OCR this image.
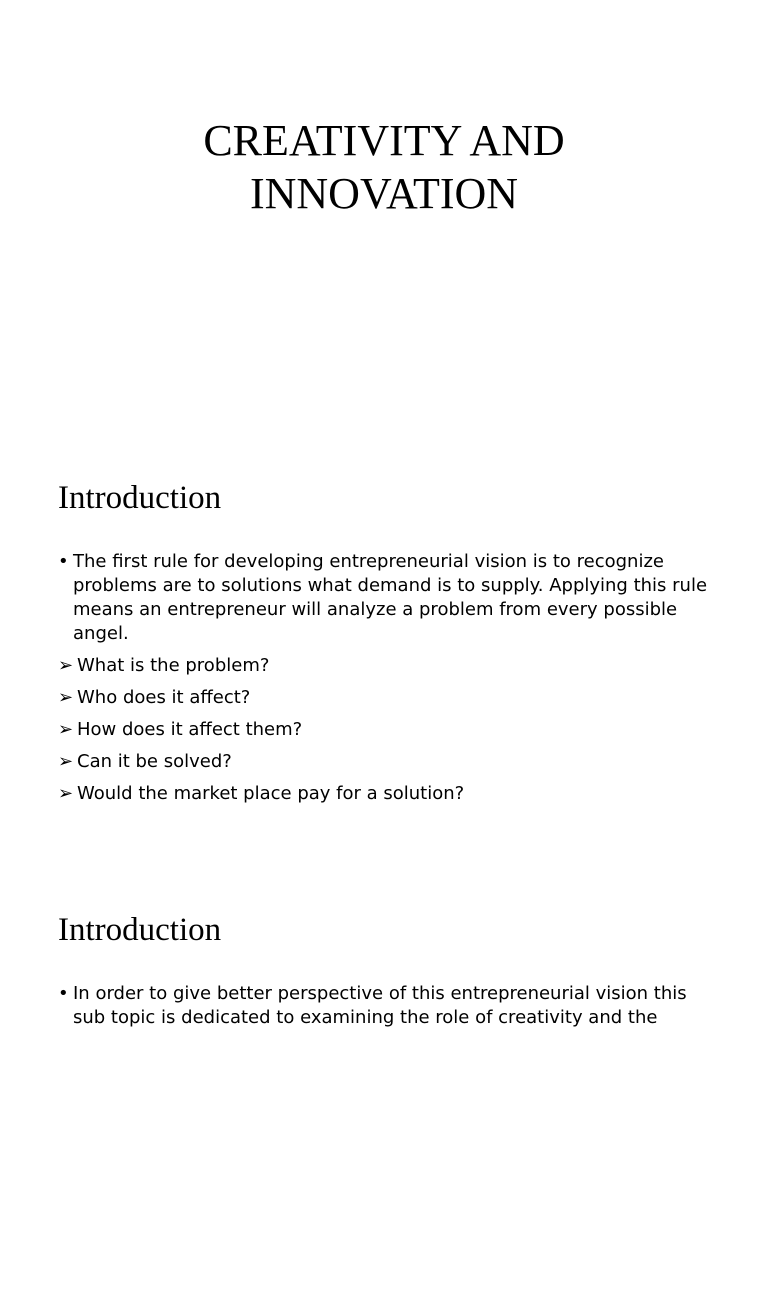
CREATIVITY AND
INNOVATION
Introduction
• The first rule for developing entrepreneurial vision is to recognize problems are to solutions what demand is to supply. Applying this rule means an entrepreneur will analyze a problem from every possible angel.
➢ What is the problem?
➢ Who does it affect?
➢ How does it affect them?
➢ Can it be solved?
➢ Would the market place pay for a solution?
Introduction
• In order to give better perspective of this entrepreneurial vision this sub topic is dedicated to examining the role of creativity and the
